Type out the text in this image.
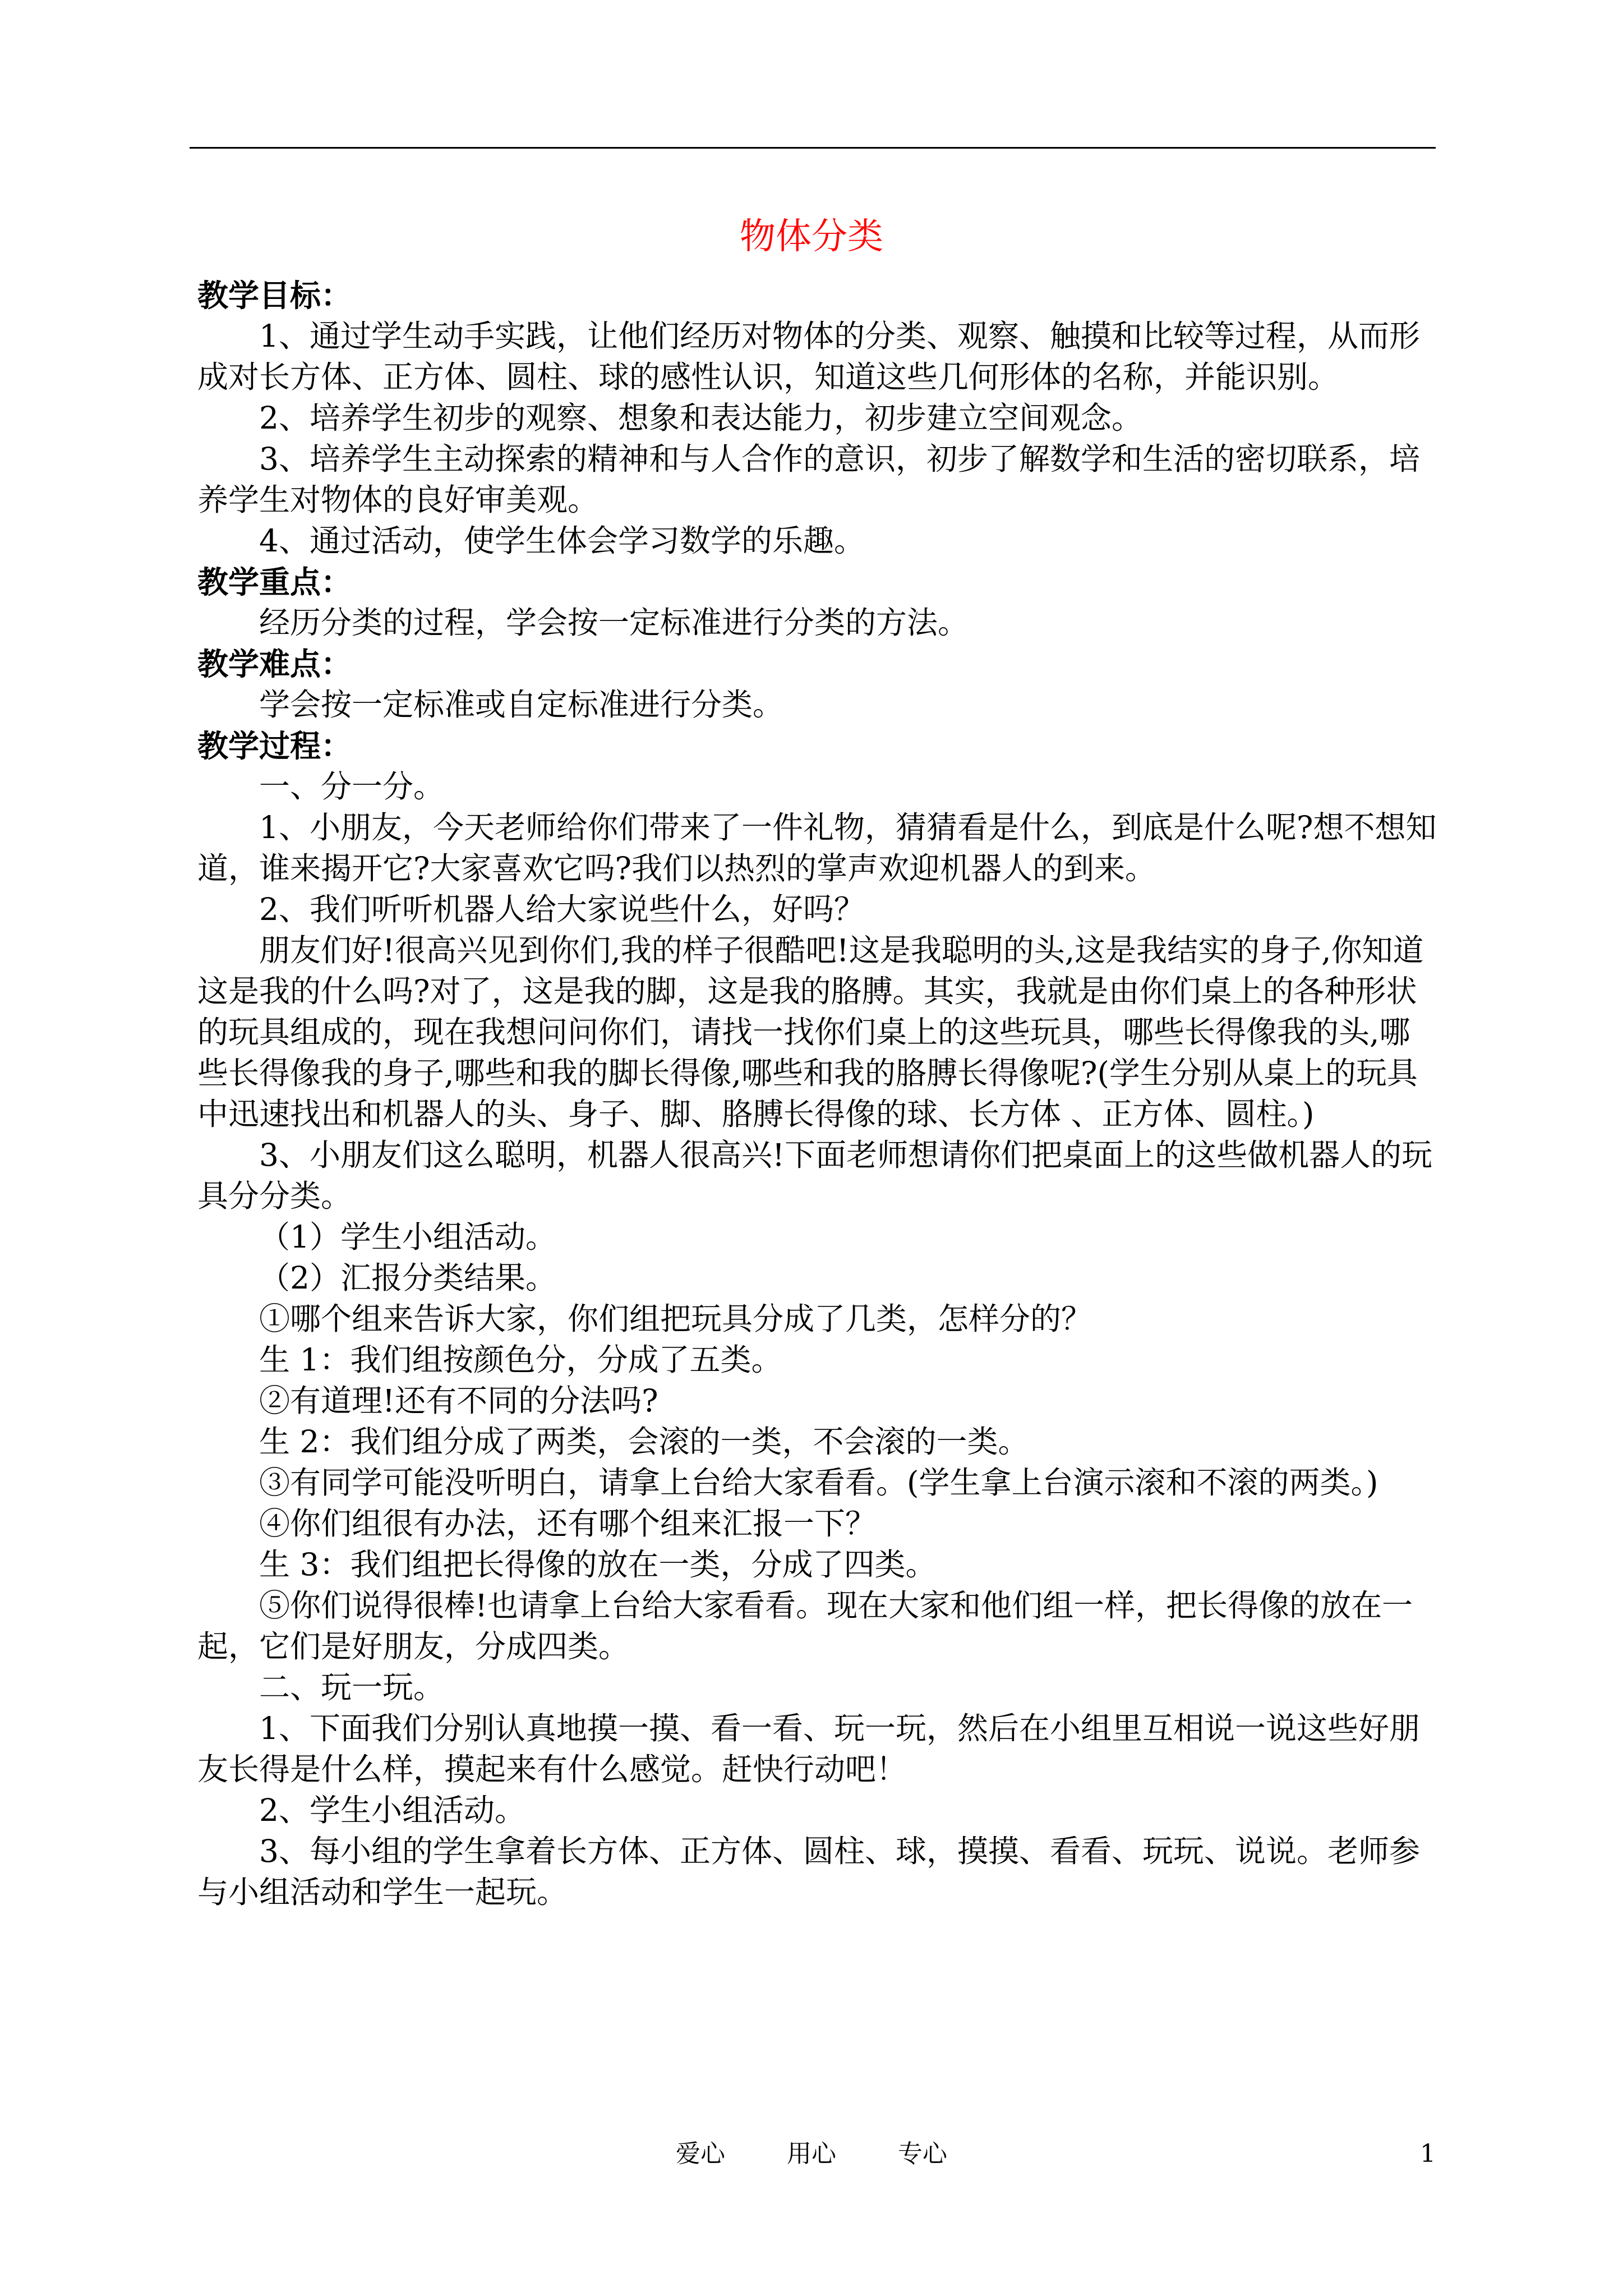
物体分类

教学目标：

1、通过学生动手实践，让他们经历对物体的分类、观察、触摸和比较等过程，从而形成对长方体、正方体、圆柱、球的感性认识，知道这些几何形体的名称，并能识别。

2、培养学生初步的观察、想象和表达能力，初步建立空间观念。

3、培养学生主动探索的精神和与人合作的意识，初步了解数学和生活的密切联系，培养学生对物体的良好审美观。

4、通过活动，使学生体会学习数学的乐趣。

教学重点：

经历分类的过程，学会按一定标准进行分类的方法。

教学难点：

学会按一定标准或自定标准进行分类。

教学过程：

一、分一分。

1、小朋友，今天老师给你们带来了一件礼物，猜猜看是什么，到底是什么呢?想不想知道，谁来揭开它?大家喜欢它吗?我们以热烈的掌声欢迎机器人的到来。

2、我们听听机器人给大家说些什么，好吗？

朋友们好!很高兴见到你们,我的样子很酷吧!这是我聪明的头,这是我结实的身子,你知道这是我的什么吗?对了，这是我的脚，这是我的胳膊。其实，我就是由你们桌上的各种形状的玩具组成的，现在我想问问你们，请找一找你们桌上的这些玩具，哪些长得像我的头,哪些长得像我的身子,哪些和我的脚长得像,哪些和我的胳膊长得像呢?(学生分别从桌上的玩具中迅速找出和机器人的头、身子、脚、胳膊长得像的球、长方体 、正方体、圆柱。)

3、小朋友们这么聪明，机器人很高兴!下面老师想请你们把桌面上的这些做机器人的玩具分分类。

（1）学生小组活动。

（2）汇报分类结果。

①哪个组来告诉大家，你们组把玩具分成了几类，怎样分的？

生 1：我们组按颜色分，分成了五类。

②有道理!还有不同的分法吗?

生 2：我们组分成了两类，会滚的一类，不会滚的一类。

③有同学可能没听明白，请拿上台给大家看看。(学生拿上台演示滚和不滚的两类。)

④你们组很有办法，还有哪个组来汇报一下？

生 3：我们组把长得像的放在一类，分成了四类。

⑤你们说得很棒!也请拿上台给大家看看。现在大家和他们组一样，把长得像的放在一起，它们是好朋友，分成四类。

二、玩一玩。

1、下面我们分别认真地摸一摸、看一看、玩一玩，然后在小组里互相说一说这些好朋友长得是什么样，摸起来有什么感觉。赶快行动吧！

2、学生小组活动。

3、每小组的学生拿着长方体、正方体、圆柱、球，摸摸、看看、玩玩、说说。老师参与小组活动和学生一起玩。

爱心	用心	专心	1
